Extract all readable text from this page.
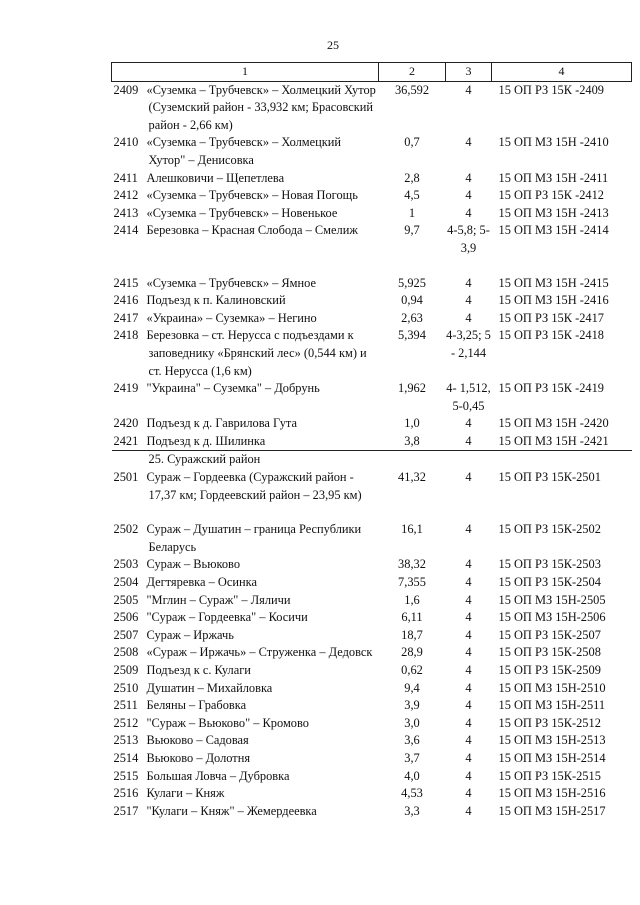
25
1	2	3	4

2409 «Суземка – Трубчевск» – Холмецкий Хутор (Суземский район - 33,932 км; Брасовский район - 2,66 км)	36,592	4	15 ОП РЗ 15К -2409

2410 «Суземка – Трубчевск» – Холмецкий Хутор" – Денисовка	0,7	4	15 ОП МЗ 15Н -2410

2411 Алешковичи – Щепетлева	2,8	4	15 ОП МЗ 15Н -2411

2412 «Суземка – Трубчевск» – Новая Погощь	4,5	4	15 ОП РЗ 15К -2412

2413 «Суземка – Трубчевск» – Новенькое	1	4	15 ОП МЗ 15Н -2413

2414 Березовка – Красная Слобода – Смелиж	9,7	4-5,8; 5-3,9	15 ОП МЗ 15Н -2414

2415 «Суземка – Трубчевск» – Ямное	5,925	4	15 ОП МЗ 15Н -2415

2416 Подъезд к п. Калиновский	0,94	4	15 ОП МЗ 15Н -2416

2417 «Украина» – Суземка» – Негино	2,63	4	15 ОП РЗ 15К -2417

2418 Березовка – ст. Нерусса с подъездами к заповеднику «Брянский лес» (0,544 км) и ст. Нерусса (1,6 км)	5,394	4-3,25; 5 - 2,144	15 ОП РЗ 15К -2418

2419 "Украина" – Суземка" – Добрунь	1,962	4- 1,512, 5-0,45	15 ОП РЗ 15К -2419

2420 Подъезд к д. Гаврилова Гута	1,0	4	15 ОП МЗ 15Н -2420

2421 Подъезд к д. Шилинка	3,8	4	15 ОП МЗ 15Н -2421

25. Суражский район			

2501 Сураж – Гордеевка (Суражский район - 17,37 км; Гордеевский район – 23,95 км)	41,32	4	15 ОП РЗ 15К-2501

2502 Сураж – Душатин – граница Республики Беларусь	16,1	4	15 ОП РЗ 15К-2502

2503 Сураж – Вьюково	38,32	4	15 ОП РЗ 15К-2503

2504 Дегтяревка – Осинка	7,355	4	15 ОП РЗ 15К-2504

2505 "Мглин – Сураж" – Ляличи	1,6	4	15 ОП МЗ 15Н-2505

2506 "Сураж – Гордеевка" – Косичи	6,11	4	15 ОП МЗ 15Н-2506

2507 Сураж – Иржачь	18,7	4	15 ОП РЗ 15К-2507

2508 «Сураж – Иржачь» – Струженка – Дедовск	28,9	4	15 ОП РЗ 15К-2508

2509 Подъезд к с. Кулаги	0,62	4	15 ОП РЗ 15К-2509

2510 Душатин – Михайловка	9,4	4	15 ОП МЗ 15Н-2510

2511 Беляны – Грабовка	3,9	4	15 ОП МЗ 15Н-2511

2512 "Сураж – Вьюково" – Кромово	3,0	4	15 ОП РЗ 15К-2512

2513 Вьюково – Садовая	3,6	4	15 ОП МЗ 15Н-2513

2514 Вьюково – Долотня	3,7	4	15 ОП МЗ 15Н-2514

2515 Большая Ловча – Дубровка	4,0	4	15 ОП РЗ 15К-2515

2516 Кулаги – Княж	4,53	4	15 ОП МЗ 15Н-2516

2517 "Кулаги – Княж" – Жемердеевка	3,3	4	15 ОП МЗ 15Н-2517
